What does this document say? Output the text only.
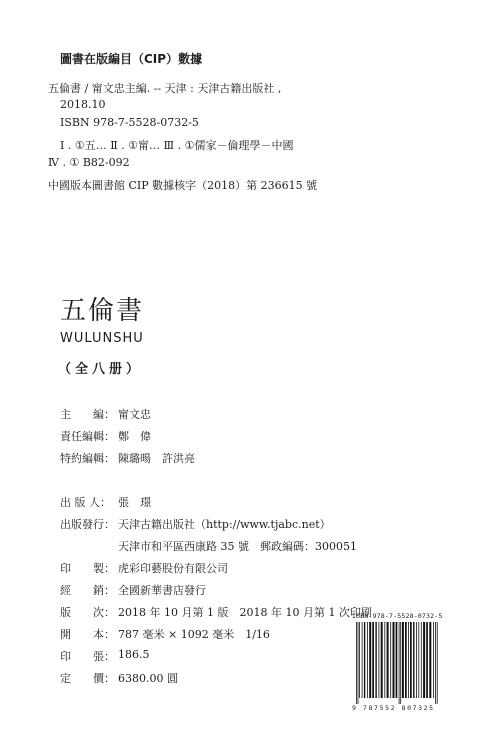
圖書在版編目（CIP）數據
五倫書 / 甯文忠主編. -- 天津 : 天津古籍出版社 ,
2018.10
ISBN 978-7-5528-0732-5
Ⅰ . ①五… Ⅱ . ①甯… Ⅲ . ①儒家－倫理學－中國
Ⅳ . ① B82-092
中國版本圖書館 CIP 數據核字（2018）第 236615 號
五倫書
WULUNSHU
（全八册）
主　　編： 甯文忠
責任編輯： 鄭　偉
特約編輯： 陳璐暘　許洪亮
出 版 人： 張　璟
出版發行： 天津古籍出版社（http://www.tjabc.net）
天津市和平區西康路 35 號　郵政編碼：300051
印　　製： 虎彩印藝股份有限公司
經　　銷： 全國新華書店發行
版　　次： 2018 年 10 月第 1 版　2018 年 10 月第 1 次印刷
開　　本： 787 毫米 × 1092 毫米　1/16
印　　張： 186.5
定　　價： 6380.00 圓
ISBN 978-7-5528-0732-5
9 787552 807325
